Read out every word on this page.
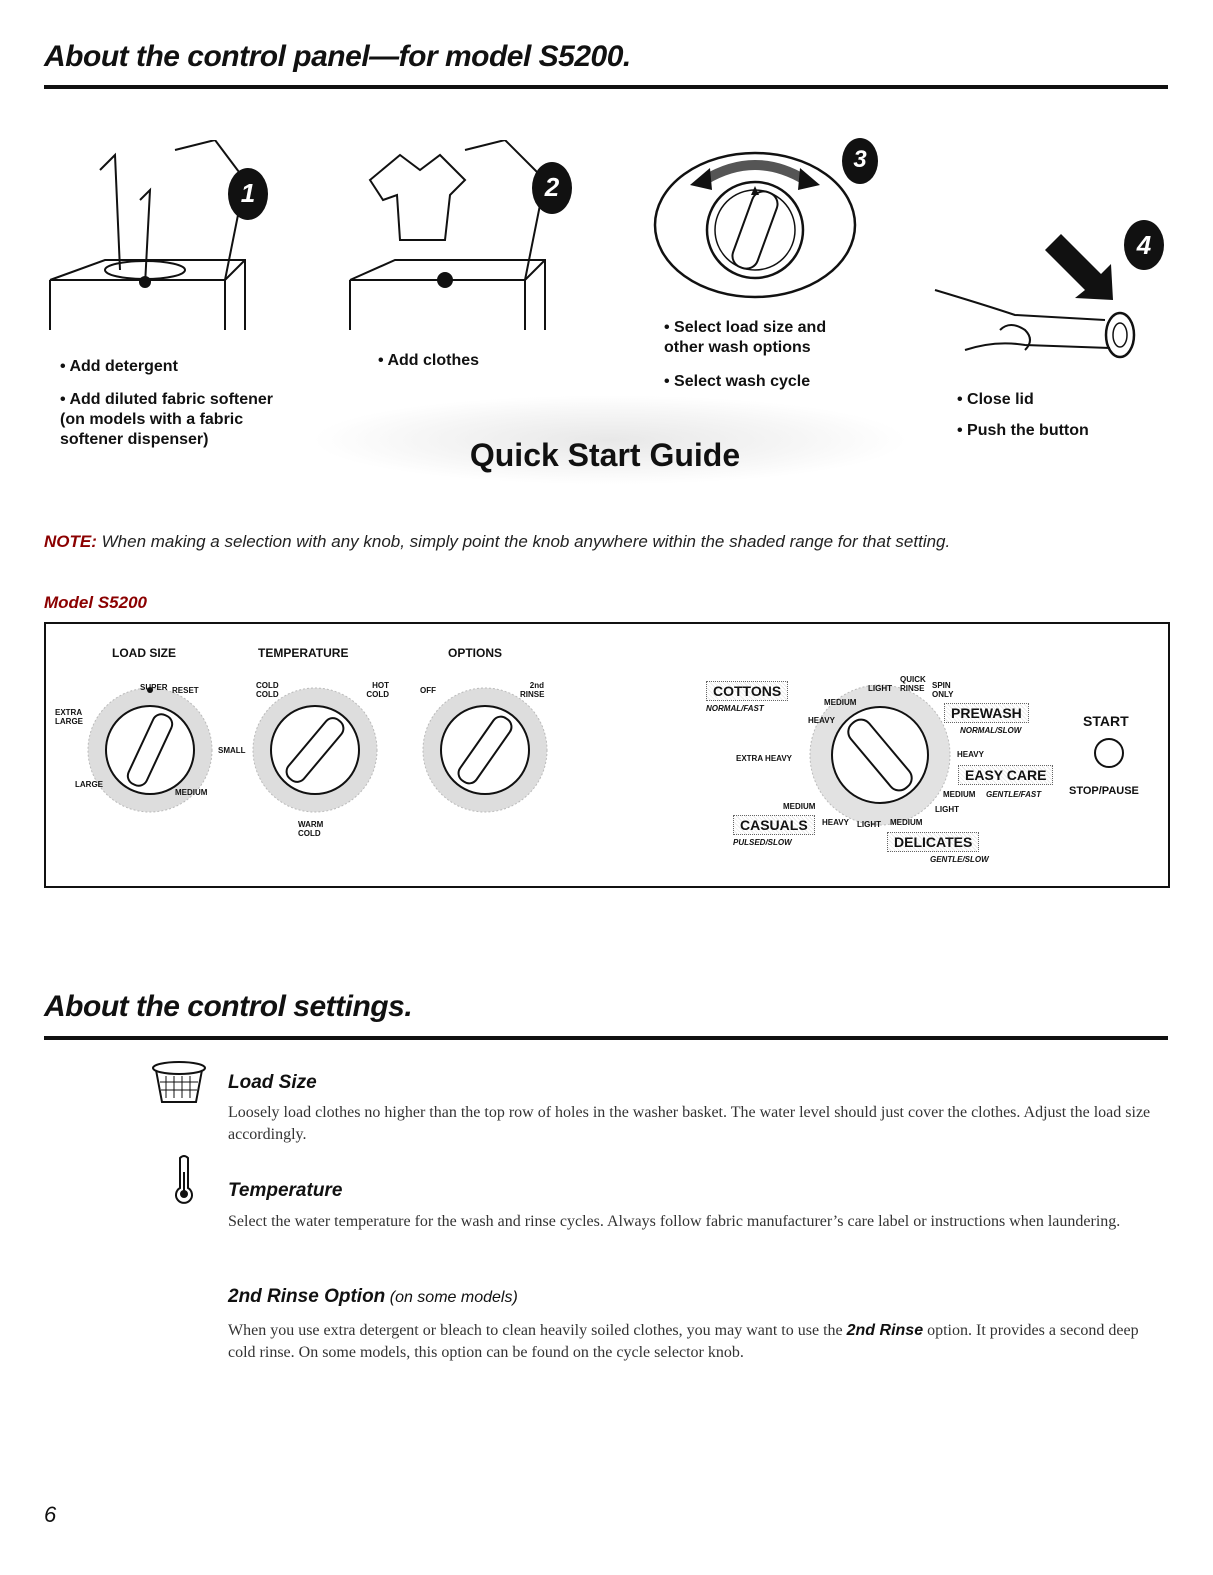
About the control panel—for model S5200.
1
• Add detergent
• Add diluted fabric softener (on models with a fabric softener dispenser)
2
• Add clothes
3
• Select load size and other wash options
• Select wash cycle
4
• Close lid
• Push the button
Quick Start Guide
NOTE: When making a selection with any knob, simply point the knob anywhere within the shaded range for that setting.
Model S5200
LOAD SIZE	TEMPERATURE	OPTIONS
SUPER RESET
EXTRA LARGE
SMALL
LARGE
MEDIUM
COLD COLD
HOT COLD
WARM COLD
OFF
2nd RINSE	COTTONS
NORMAL/FAST
MEDIUM
LIGHT
QUICK RINSE SPIN ONLY
HEAVY	PREWASH
NORMAL/SLOW
EXTRA HEAVY	HEAVY
EASY CARE
MEDIUM GENTLE/FAST
MEDIUM	LIGHT
CASUALS	HEAVY LIGHT MEDIUM
PULSED/SLOW	DELICATES
GENTLE/SLOW
START
STOP/PAUSE
About the control settings.
Load Size
Loosely load clothes no higher than the top row of holes in the washer basket. The water level should just cover the clothes. Adjust the load size accordingly.
Temperature
Select the water temperature for the wash and rinse cycles. Always follow fabric manufacturer’s care label or instructions when laundering.
2nd Rinse Option (on some models)
When you use extra detergent or bleach to clean heavily soiled clothes, you may want to use the 2nd Rinse option. It provides a second deep cold rinse. On some models, this option can be found on the cycle selector knob.
6
